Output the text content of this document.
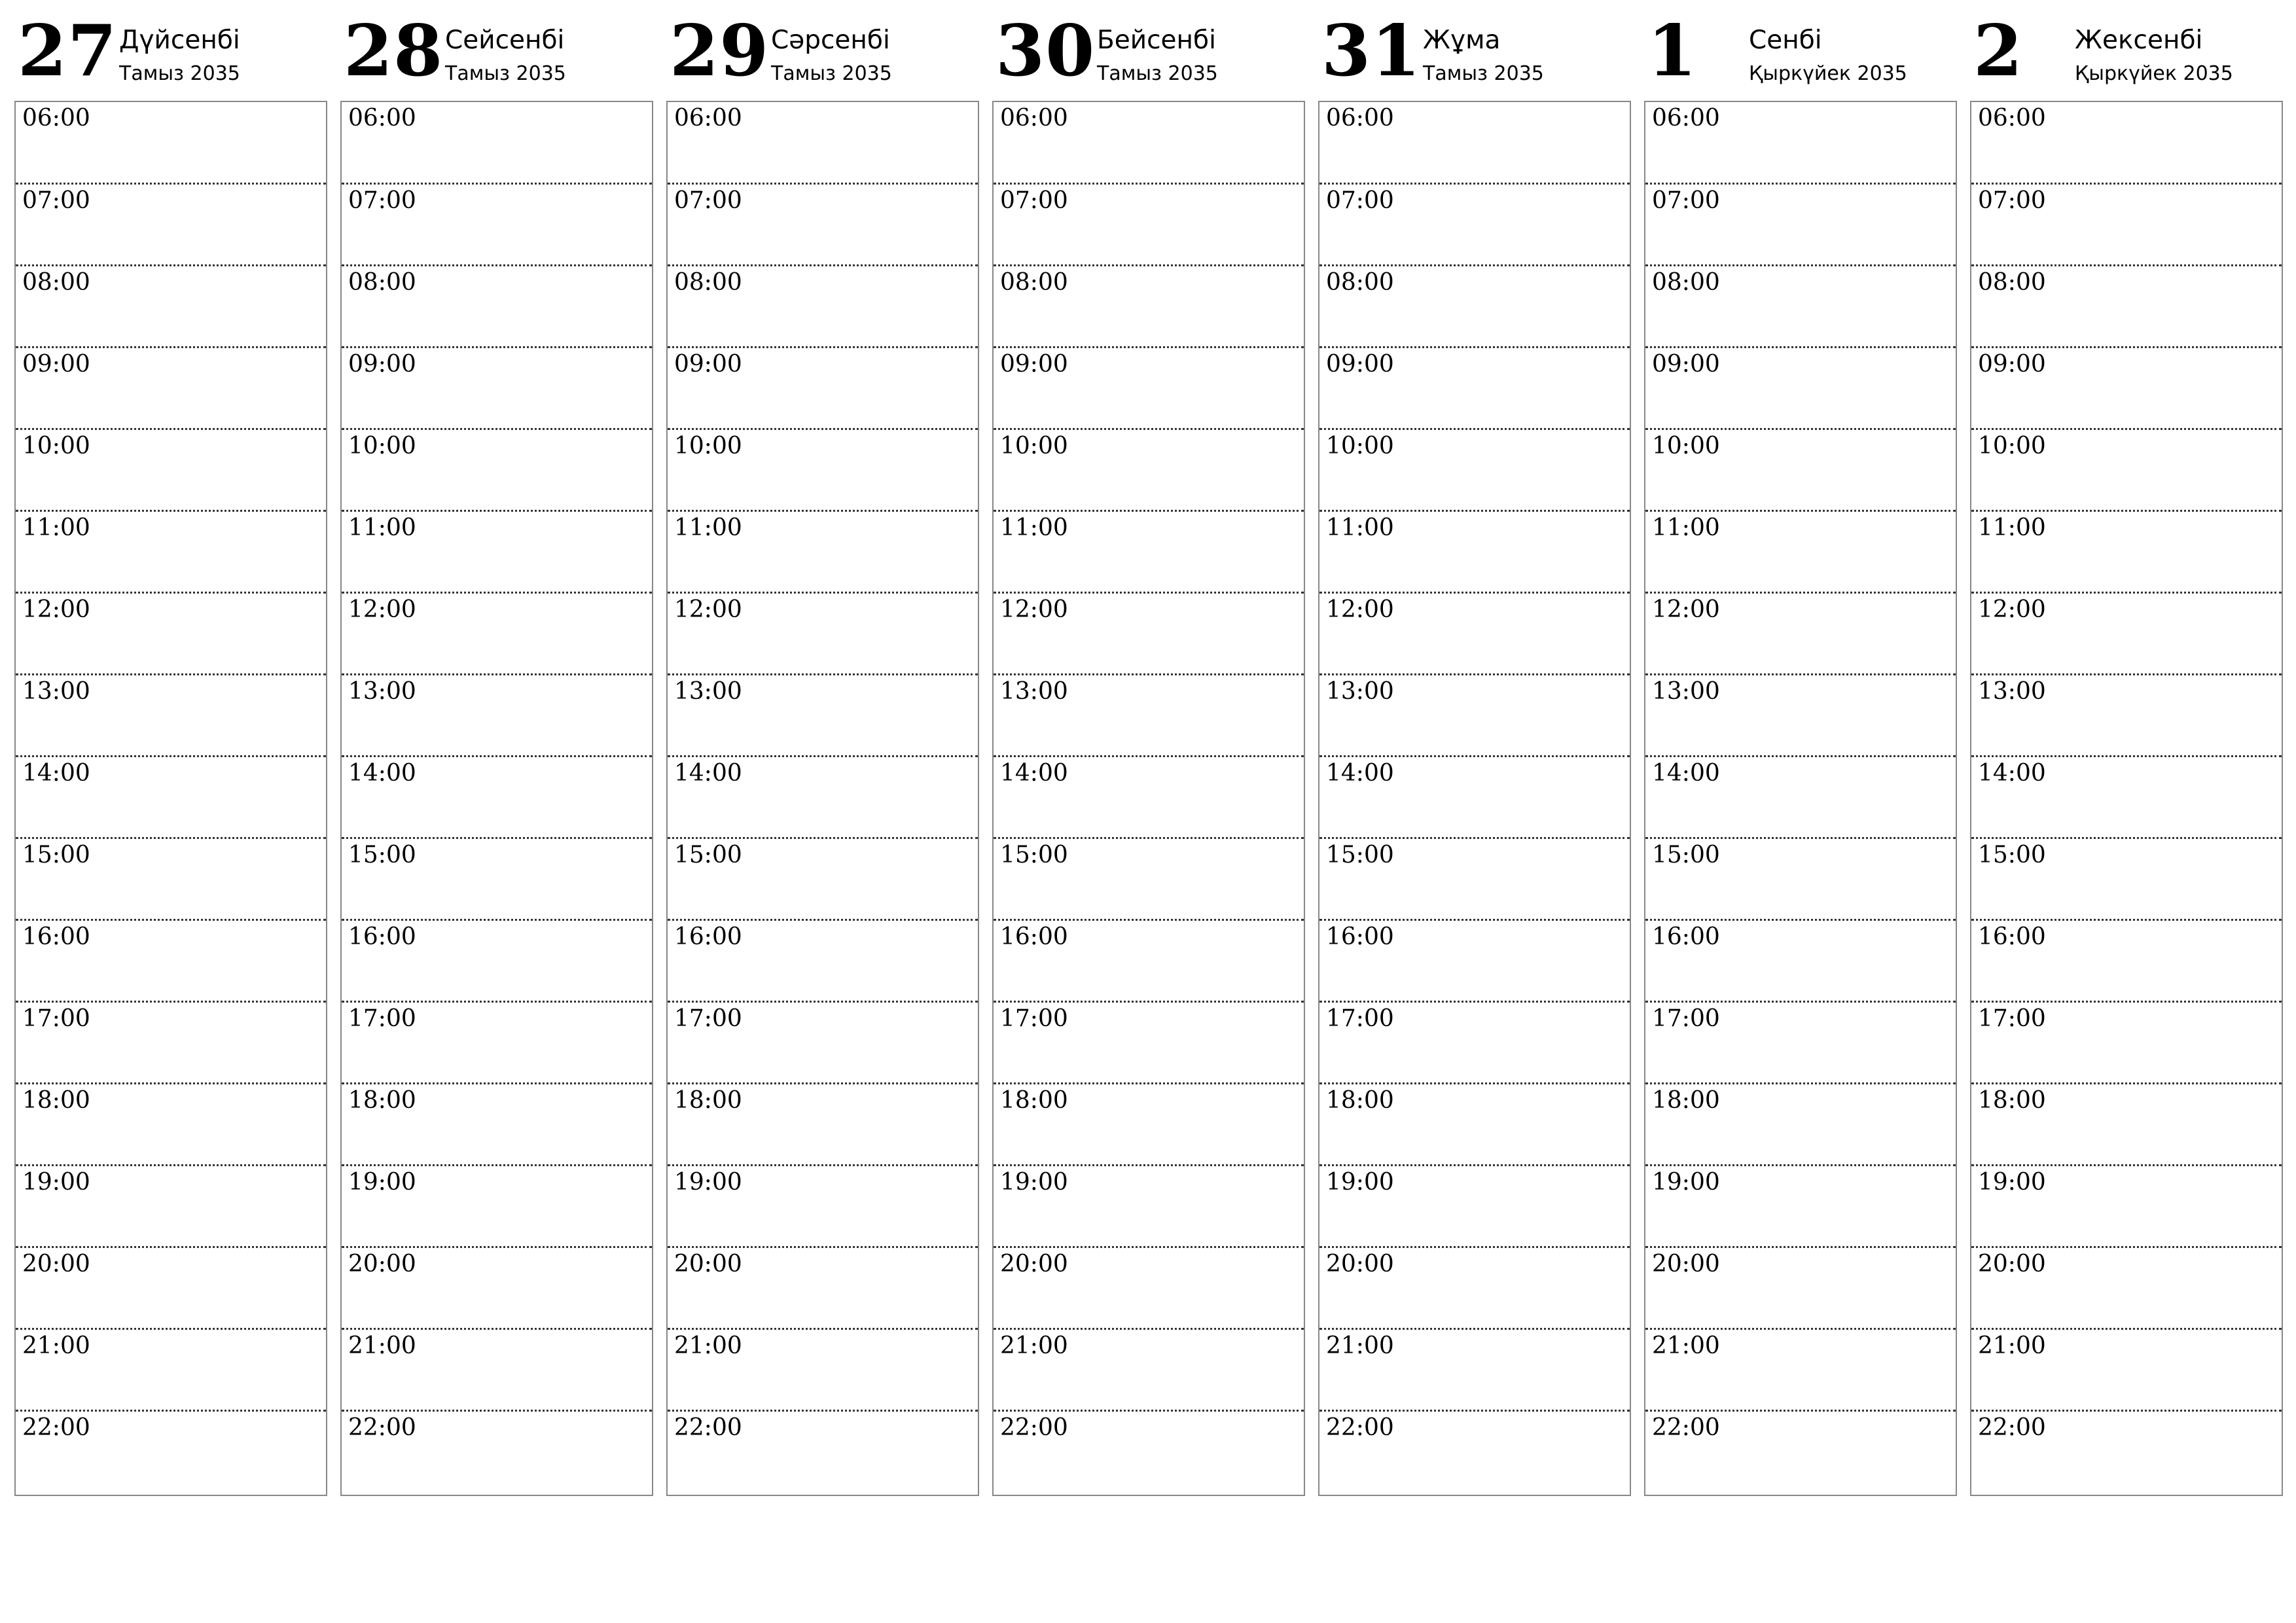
27 Дүйсенбі
Тамыз 2035
06:00
07:00
08:00
09:00
10:00
11:00
12:00
13:00
14:00
15:00
16:00
17:00
18:00
19:00
20:00
21:00
22:00
28 Сейсенбі
Тамыз 2035
06:00
07:00
08:00
09:00
10:00
11:00
12:00
13:00
14:00
15:00
16:00
17:00
18:00
19:00
20:00
21:00
22:00
29 Сәрсенбі
Тамыз 2035
06:00
07:00
08:00
09:00
10:00
11:00
12:00
13:00
14:00
15:00
16:00
17:00
18:00
19:00
20:00
21:00
22:00
30 Бейсенбі
Тамыз 2035
06:00
07:00
08:00
09:00
10:00
11:00
12:00
13:00
14:00
15:00
16:00
17:00
18:00
19:00
20:00
21:00
22:00
31 Жұма
Тамыз 2035
06:00
07:00
08:00
09:00
10:00
11:00
12:00
13:00
14:00
15:00
16:00
17:00
18:00
19:00
20:00
21:00
22:00
1 Сенбі
Қыркүйек 2035
06:00
07:00
08:00
09:00
10:00
11:00
12:00
13:00
14:00
15:00
16:00
17:00
18:00
19:00
20:00
21:00
22:00
2 Жексенбі
Қыркүйек 2035
06:00
07:00
08:00
09:00
10:00
11:00
12:00
13:00
14:00
15:00
16:00
17:00
18:00
19:00
20:00
21:00
22:00
